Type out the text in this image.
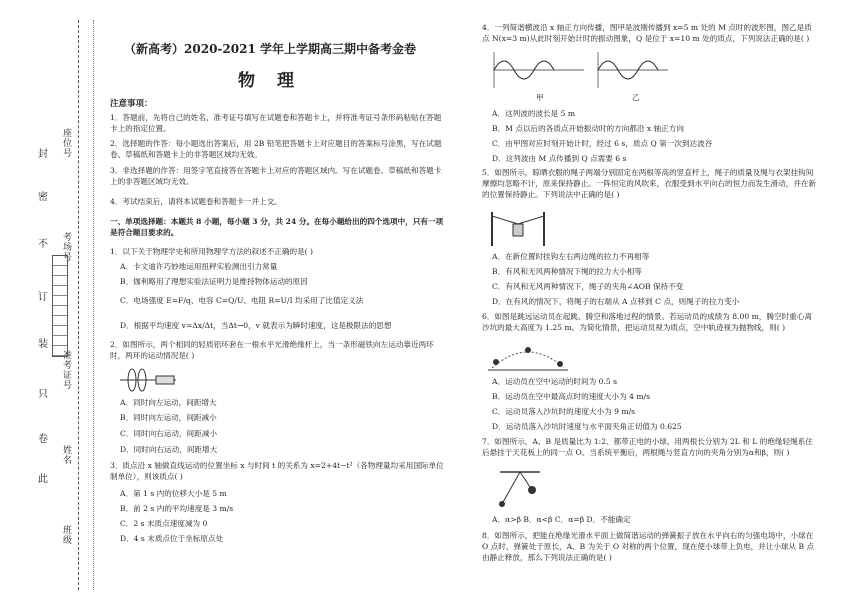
封
密
不
订
装
只
卷
此
座位号
考场号
准考证号
姓名
班级
（新高考）2020-2021 学年上学期高三期中备考金卷
物 理
注意事项：
1．答题前，先将自己的姓名、准考证号填写在试题卷和答题卡上，并将准考证号条形码粘贴在答题卡上的指定位置。
2．选择题的作答：每小题选出答案后，用 2B 铅笔把答题卡上对应题目的答案标号涂黑，写在试题卷、草稿纸和答题卡上的非答题区域均无效。
3．非选择题的作答：用签字笔直接答在答题卡上对应的答题区域内。写在试题卷、草稿纸和答题卡上的非答题区域均无效。
4．考试结束后，请将本试题卷和答题卡一并上交。
一、单项选择题：本题共 8 小题，每小题 3 分，共 24 分。在每小题给出的四个选项中，只有一项是符合题目要求的。
1．以下关于物理学史和所用物理学方法的叙述不正确的是( )
A．卡文迪许巧妙地运用扭秤实验测出引力常量
B．伽利略用了理想实验法证明力是维持物体运动的原因
C．电场强度 E=F/q、电容 C=Q/U、电阻 R=U/I 均采用了比值定义法
D．根据平均速度 v=Δx/Δt，当Δt→0，v 就表示为瞬时速度，这是极限法的思想
2．如图所示，两个相同的轻质铝环套在一根水平光滑绝缘杆上，当一条形磁铁向左运动靠近两环时，两环的运动情况是( )
A．同时向左运动，间距增大
B．同时向左运动，间距减小
C．同时向右运动，间距减小
D．同时向右运动，间距增大
3．质点沿 x 轴做直线运动的位置坐标 x 与时间 t 的关系为 x=2+4t−t²（各物理量均采用国际单位制单位），则该质点( )
A．第 1 s 内的位移大小是 5 m
B．前 2 s 内的平均速度是 3 m/s
C．2 s 末质点速度减为 0
D．4 s 末质点位于坐标原点处
4．一列简谐横波沿 x 轴正方向传播，图甲是波刚传播到 x=5 m 处的 M 点时的波形图，图乙是质点 N(x=3 m)从此时刻开始计时的振动图象，Q 是位于 x=10 m 处的质点，下列说法正确的是( )
甲	乙
A．这列波的波长是 5 m
B．M 点以后的各质点开始振动时的方向都沿 x 轴正方向
C．由甲图对应时刻开始计时，经过 6 s，质点 Q 第一次到达波谷
D．这列波由 M 点传播到 Q 点需要 6 s
5．如图所示，晾晒衣服的绳子两端分别固定在两根等高的竖直杆上，绳子的质量及绳与衣架挂钩间摩擦均忽略不计，原来保持静止。一阵恒定的风吹来，衣服受到水平向右的恒力而发生滑动，并在新的位置保持静止。下列说法中正确的是( )
A．在新位置时挂钩左右两边绳的拉力不再相等
B．有风和无风两种情况下绳的拉力大小相等
C．有风和无风两种情况下，绳子的夹角∠AOB 保持不变
D．在有风的情况下，将绳子的右端从 A 点移到 C 点，则绳子的拉力变小
6．如图是跳远运动员在起跳、腾空和落地过程的情景。若运动员的成绩为 8.00 m，腾空时重心离沙坑的最大高度为 1.25 m。为简化情景，把运动员视为质点，空中轨迹视为抛物线，则( )
A．运动员在空中运动的时间为 0.5 s
B．运动员在空中最高点时的速度大小为 4 m/s
C．运动员落入沙坑时的速度大小为 9 m/s
D．运动员落入沙坑时速度与水平面夹角正切值为 0.625
7．如图所示，A、B 是质量比为 1:2、都带正电的小球，用两根长分别为 2L 和 L 的绝缘轻绳系住后悬挂于天花板上的同一点 O。当系统平衡后，两根绳与竖直方向的夹角分别为α和β，则( )
A．α>β B．α<β C．α=β D．不能确定
8．如图所示，把能在绝缘光滑水平面上做简谐运动的弹簧振子放在水平向右的匀强电场中，小球在 O 点时，弹簧处于原长，A、B 为关于 O 对称的两个位置，现在使小球带上负电，并让小球从 B 点由静止释放，那么下列说法正确的是( )
